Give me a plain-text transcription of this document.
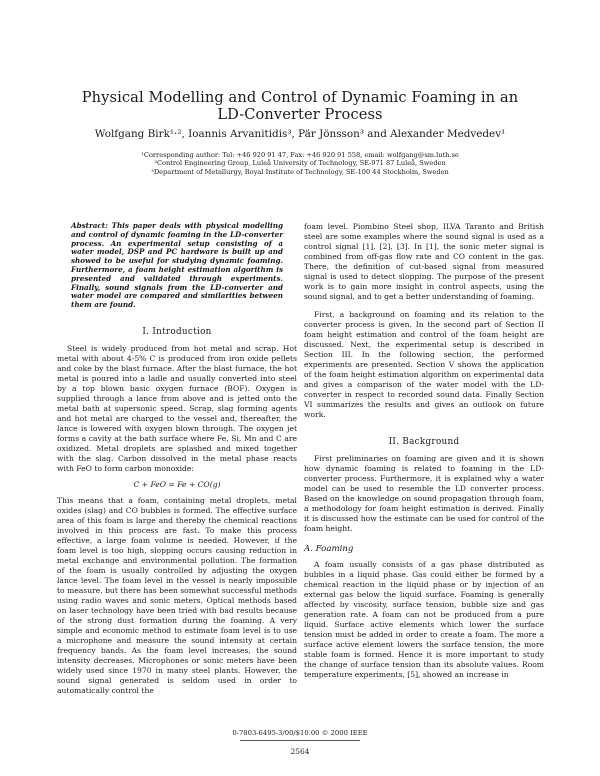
Physical Modelling and Control of Dynamic Foaming in an
LD-Converter Process
Wolfgang Birk¹·², Ioannis Arvanitidis³, Pär Jönsson³ and Alexander Medvedev¹
¹Corresponding author: Tel: +46 920 91 47, Fax: +46 920 91 558, email: wolfgang@sm.luth.se
²Control Engineering Group, Luleå University of Technology, SE-971 87 Luleå, Sweden
³Department of Metallurgy, Royal Institute of Technology, SE-100 44 Stockholm, Sweden
Abstract: This paper deals with physical modelling and control of dynamic foaming in the LD-converter process. An experimental setup consisting of a water model, DSP and PC hardware is built up and showed to be useful for studying dynamic foaming. Furthermore, a foam height estimation algorithm is presented and validated through experiments. Finally, sound signals from the LD-converter and water model are compared and similarities between them are found.
I. Introduction

Steel is widely produced from hot metal and scrap. Hot metal with about 4-5% C is produced from iron oxide pellets and coke by the blast furnace. After the blast furnace, the hot metal is poured into a ladle and usually converted into steel by a top blown basic oxygen furnace (BOF). Oxygen is supplied through a lance from above and is jetted onto the metal bath at supersonic speed. Scrap, slag forming agents and hot metal are charged to the vessel and, thereafter, the lance is lowered with oxygen blown through. The oxygen jet forms a cavity at the bath surface where Fe, Si, Mn and C are oxidized. Metal droplets are splashed and mixed together with the slag. Carbon dissolved in the metal phase reacts with FeO to form carbon monoxide:

C + FeO = Fe + CO(g)

This means that a foam, containing metal droplets, metal oxides (slag) and CO bubbles is formed. The effective surface area of this foam is large and thereby the chemical reactions involved in this process are fast. To make this process effective, a large foam volume is needed. However, if the foam level is too high, slopping occurs causing reduction in metal exchange and environmental pollution. The formation of the foam is usually controlled by adjusting the oxygen lance level. The foam level in the vessel is nearly impossible to measure, but there has been somewhat successful methods using radio waves and sonic meters. Optical methods based on laser technology have been tried with bad results because of the strong dust formation during the foaming. A very simple and economic method to estimate foam level is to use a microphone and measure the sound intensity at certain frequency bands. As the foam level increases, the sound intensity decreases. Microphones or sonic meters have been widely used since 1970 in many steel plants. However, the sound signal generated is seldom used in order to automatically control the

foam level. Piombino Steel shop, ILVA Taranto and British steel are some examples where the sound signal is used as a control signal [1], [2], [3]. In [1], the sonic meter signal is combined from off-gas flow rate and CO content in the gas. There, the definition of cut-based signal from measured signal is used to detect slopping. The purpose of the present work is to gain more insight in control aspects, using the sound signal, and to get a better understanding of foaming.

First, a background on foaming and its relation to the converter process is given. In the second part of Section II foam height estimation and control of the foam height are discussed. Next, the experimental setup is described in Section III. In the following section, the performed experiments are presented. Section V shows the application of the foam height estimation algorithm on experimental data and gives a comparison of the water model with the LD-converter in respect to recorded sound data. Finally Section VI summarizes the results and gives an outlook on future work.

II. Background

First preliminaries on foaming are given and it is shown how dynamic foaming is related to foaming in the LD-converter process. Furthermore, it is explained why a water model can be used to resemble the LD converter process. Based on the knowledge on sound propagation through foam, a methodology for foam height estimation is derived. Finally it is discussed how the estimate can be used for control of the foam height.

A. Foaming

A foam usually consists of a gas phase distributed as bubbles in a liquid phase. Gas could either be formed by a chemical reaction in the liquid phase or by injection of an external gas below the liquid surface. Foaming is generally affected by viscosity, surface tension, bubble size and gas generation rate. A foam can not be produced from a pure liquid. Surface active elements which lower the surface tension must be added in order to create a foam. The more a surface active element lowers the surface tension, the more stable foam is formed. Hence it is more important to study the change of surface tension than its absolute values. Room temperature experiments, [5], showed an increase in

0-7803-6495-3/00/$10.00 © 2000 IEEE
2564
